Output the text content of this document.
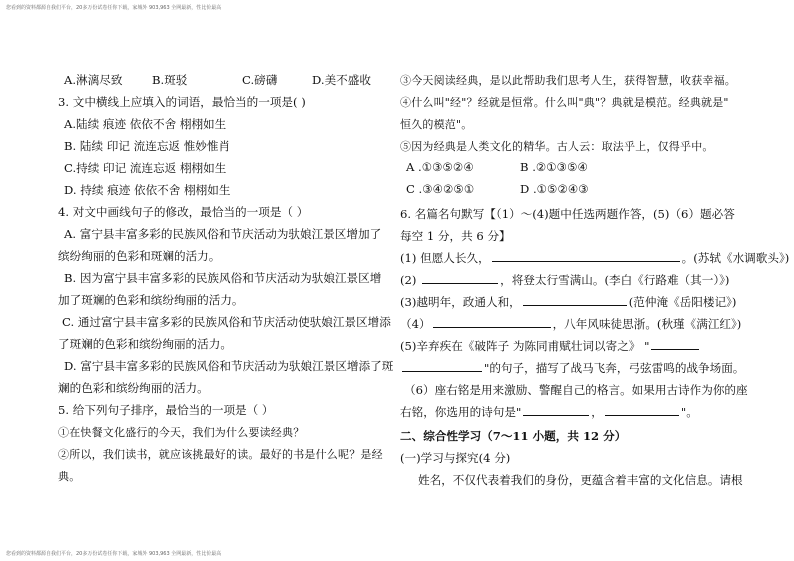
您看到的资料都源自我们平台，20多万份试卷任你下载，家城外 903,963 全网最新，性比价最高
A.淋漓尽致	B.斑驳	C.磅礴	D.美不盛收
3. 文中横线上应填入的词语，最恰当的一项是( )
A.陆续 痕迹 依依不舍 栩栩如生
B. 陆续 印记 流连忘返 惟妙惟肖
C.持续 印记 流连忘返 栩栩如生
D. 持续 痕迹 依依不舍 栩栩如生
4. 对文中画线句子的修改，最恰当的一项是（ ）
A. 富宁县丰富多彩的民族风俗和节庆活动为驮娘江景区增加了
缤纷绚丽的色彩和斑斓的活力。
B. 因为富宁县丰富多彩的民族风俗和节庆活动为驮娘江景区增
加了斑斓的色彩和缤纷绚丽的活力。
C. 通过富宁县丰富多彩的民族风俗和节庆活动使驮娘江景区增添
了斑斓的色彩和缤纷绚丽的活力。
D. 富宁县丰富多彩的民族风俗和节庆活动为驮娘江景区增添了斑
斓的色彩和缤纷绚丽的活力。
5. 给下列句子排序，最恰当的一项是（ ）
①在快餐文化盛行的今天，我们为什么要读经典？
②所以，我们读书，就应该挑最好的读。最好的书是什么呢？是经
典。
③今天阅读经典，是以此帮助我们思考人生，获得智慧，收获幸福。
④什么叫"经"？经就是恒常。什么叫"典"？典就是模范。经典就是"
恒久的模范"。
⑤因为经典是人类文化的精华。古人云：取法乎上，仅得乎中。
A .①③⑤②④	B .②①③⑤④
C .③④②⑤①	D .①⑤②④③
6. 名篇名句默写【（1）～(4)题中任选两题作答，(5)（6）题必答
每空 1 分，共 6 分】
(1) 但愿人长久，	。(苏轼《水调歌头》)
(2)	，将登太行雪满山。(李白《行路难（其一）》)
(3)越明年，政通人和，	(范仲淹《岳阳楼记》)
（4）	，八年风味徒思浙。(秋瑾《满江红》)
(5)辛弃疾在《破阵子 为陈同甫赋壮词以寄之》 "
"的句子，描写了战马飞奔，弓弦雷鸣的战争场面。
（6）座右铭是用来激励、警醒自己的格言。如果用古诗作为你的座
右铭，你选用的诗句是"	，	"。
二、综合性学习（7～11 小题，共 12 分）
(一)学习与探究(4 分)
姓名，不仅代表着我们的身份，更蕴含着丰富的文化信息。请根
您看到的资料都源自我们平台，20多万份试卷任你下载，家城外 903,963 全网最新，性比价最高
